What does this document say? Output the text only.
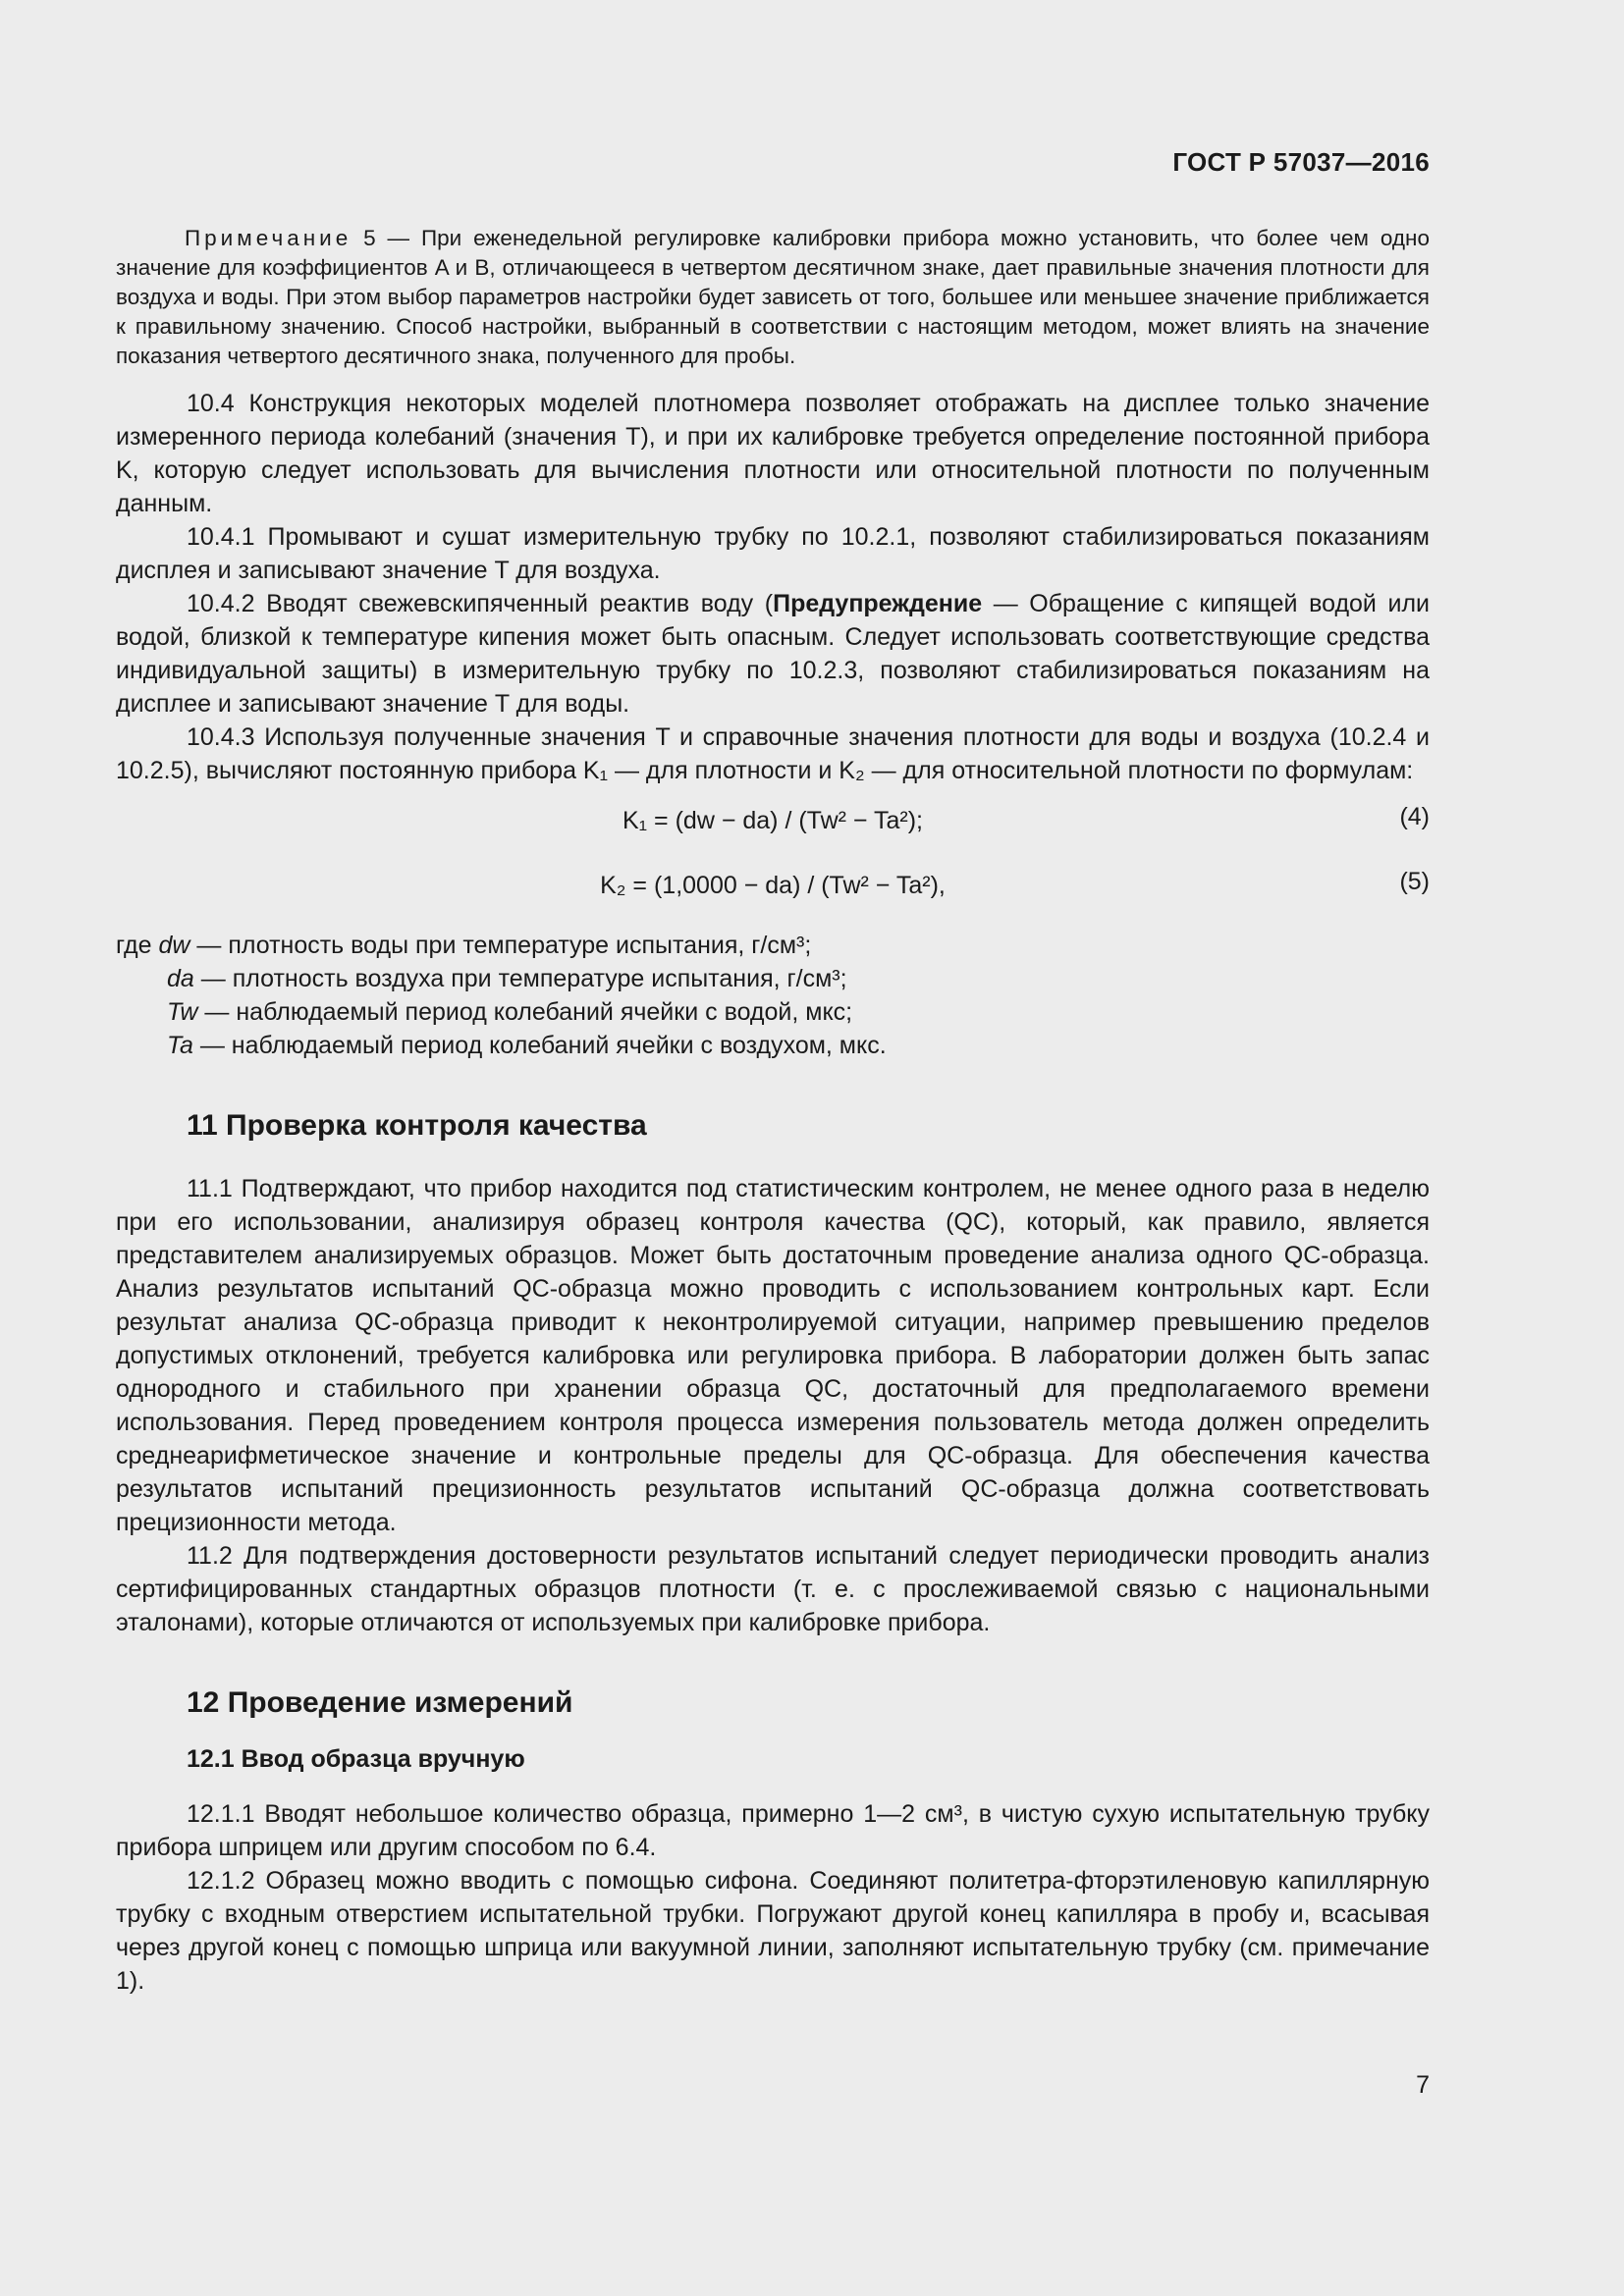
ГОСТ Р 57037—2016

Примечание 5 — При еженедельной регулировке калибровки прибора можно установить, что более чем одно значение для коэффициентов A и B, отличающееся в четвертом десятичном знаке, дает правильные значения плотности для воздуха и воды. При этом выбор параметров настройки будет зависеть от того, большее или меньшее значение приближается к правильному значению. Способ настройки, выбранный в соответствии с настоящим методом, может влиять на значение показания четвертого десятичного знака, полученного для пробы.

10.4 Конструкция некоторых моделей плотномера позволяет отображать на дисплее только значение измеренного периода колебаний (значения T), и при их калибровке требуется определение постоянной прибора K, которую следует использовать для вычисления плотности или относительной плотности по полученным данным.

10.4.1 Промывают и сушат измерительную трубку по 10.2.1, позволяют стабилизироваться показаниям дисплея и записывают значение T для воздуха.

10.4.2 Вводят свежевскипяченный реактив воду (Предупреждение — Обращение с кипящей водой или водой, близкой к температуре кипения может быть опасным. Следует использовать соответствующие средства индивидуальной защиты) в измерительную трубку по 10.2.3, позволяют стабилизироваться показаниям на дисплее и записывают значение T для воды.

10.4.3 Используя полученные значения T и справочные значения плотности для воды и воздуха (10.2.4 и 10.2.5), вычисляют постоянную прибора K₁ — для плотности и K₂ — для относительной плотности по формулам:

K₁ = (dw − da) / (Tw² − Ta²);	(4)
K₂ = (1,0000 − da) / (Tw² − Ta²),	(5)
где dw — плотность воды при температуре испытания, г/см³;
da — плотность воздуха при температуре испытания, г/см³;
Tw — наблюдаемый период колебаний ячейки с водой, мкс;
Ta — наблюдаемый период колебаний ячейки с воздухом, мкс.
11 Проверка контроля качества

11.1 Подтверждают, что прибор находится под статистическим контролем, не менее одного раза в неделю при его использовании, анализируя образец контроля качества (QC), который, как правило, является представителем анализируемых образцов. Может быть достаточным проведение анализа одного QC-образца. Анализ результатов испытаний QC-образца можно проводить с использованием контрольных карт. Если результат анализа QC-образца приводит к неконтролируемой ситуации, например превышению пределов допустимых отклонений, требуется калибровка или регулировка прибора. В лаборатории должен быть запас однородного и стабильного при хранении образца QC, достаточный для предполагаемого времени использования. Перед проведением контроля процесса измерения пользователь метода должен определить среднеарифметическое значение и контрольные пределы для QC-образца. Для обеспечения качества результатов испытаний прецизионность результатов испытаний QC-образца должна соответствовать прецизионности метода.

11.2 Для подтверждения достоверности результатов испытаний следует периодически проводить анализ сертифицированных стандартных образцов плотности (т. е. с прослеживаемой связью с национальными эталонами), которые отличаются от используемых при калибровке прибора.

12 Проведение измерений
12.1 Ввод образца вручную

12.1.1 Вводят небольшое количество образца, примерно 1—2 см³, в чистую сухую испытательную трубку прибора шприцем или другим способом по 6.4.

12.1.2 Образец можно вводить с помощью сифона. Соединяют политетра-фторэтиленовую капиллярную трубку с входным отверстием испытательной трубки. Погружают другой конец капилляра в пробу и, всасывая через другой конец с помощью шприца или вакуумной линии, заполняют испытательную трубку (см. примечание 1).

7
